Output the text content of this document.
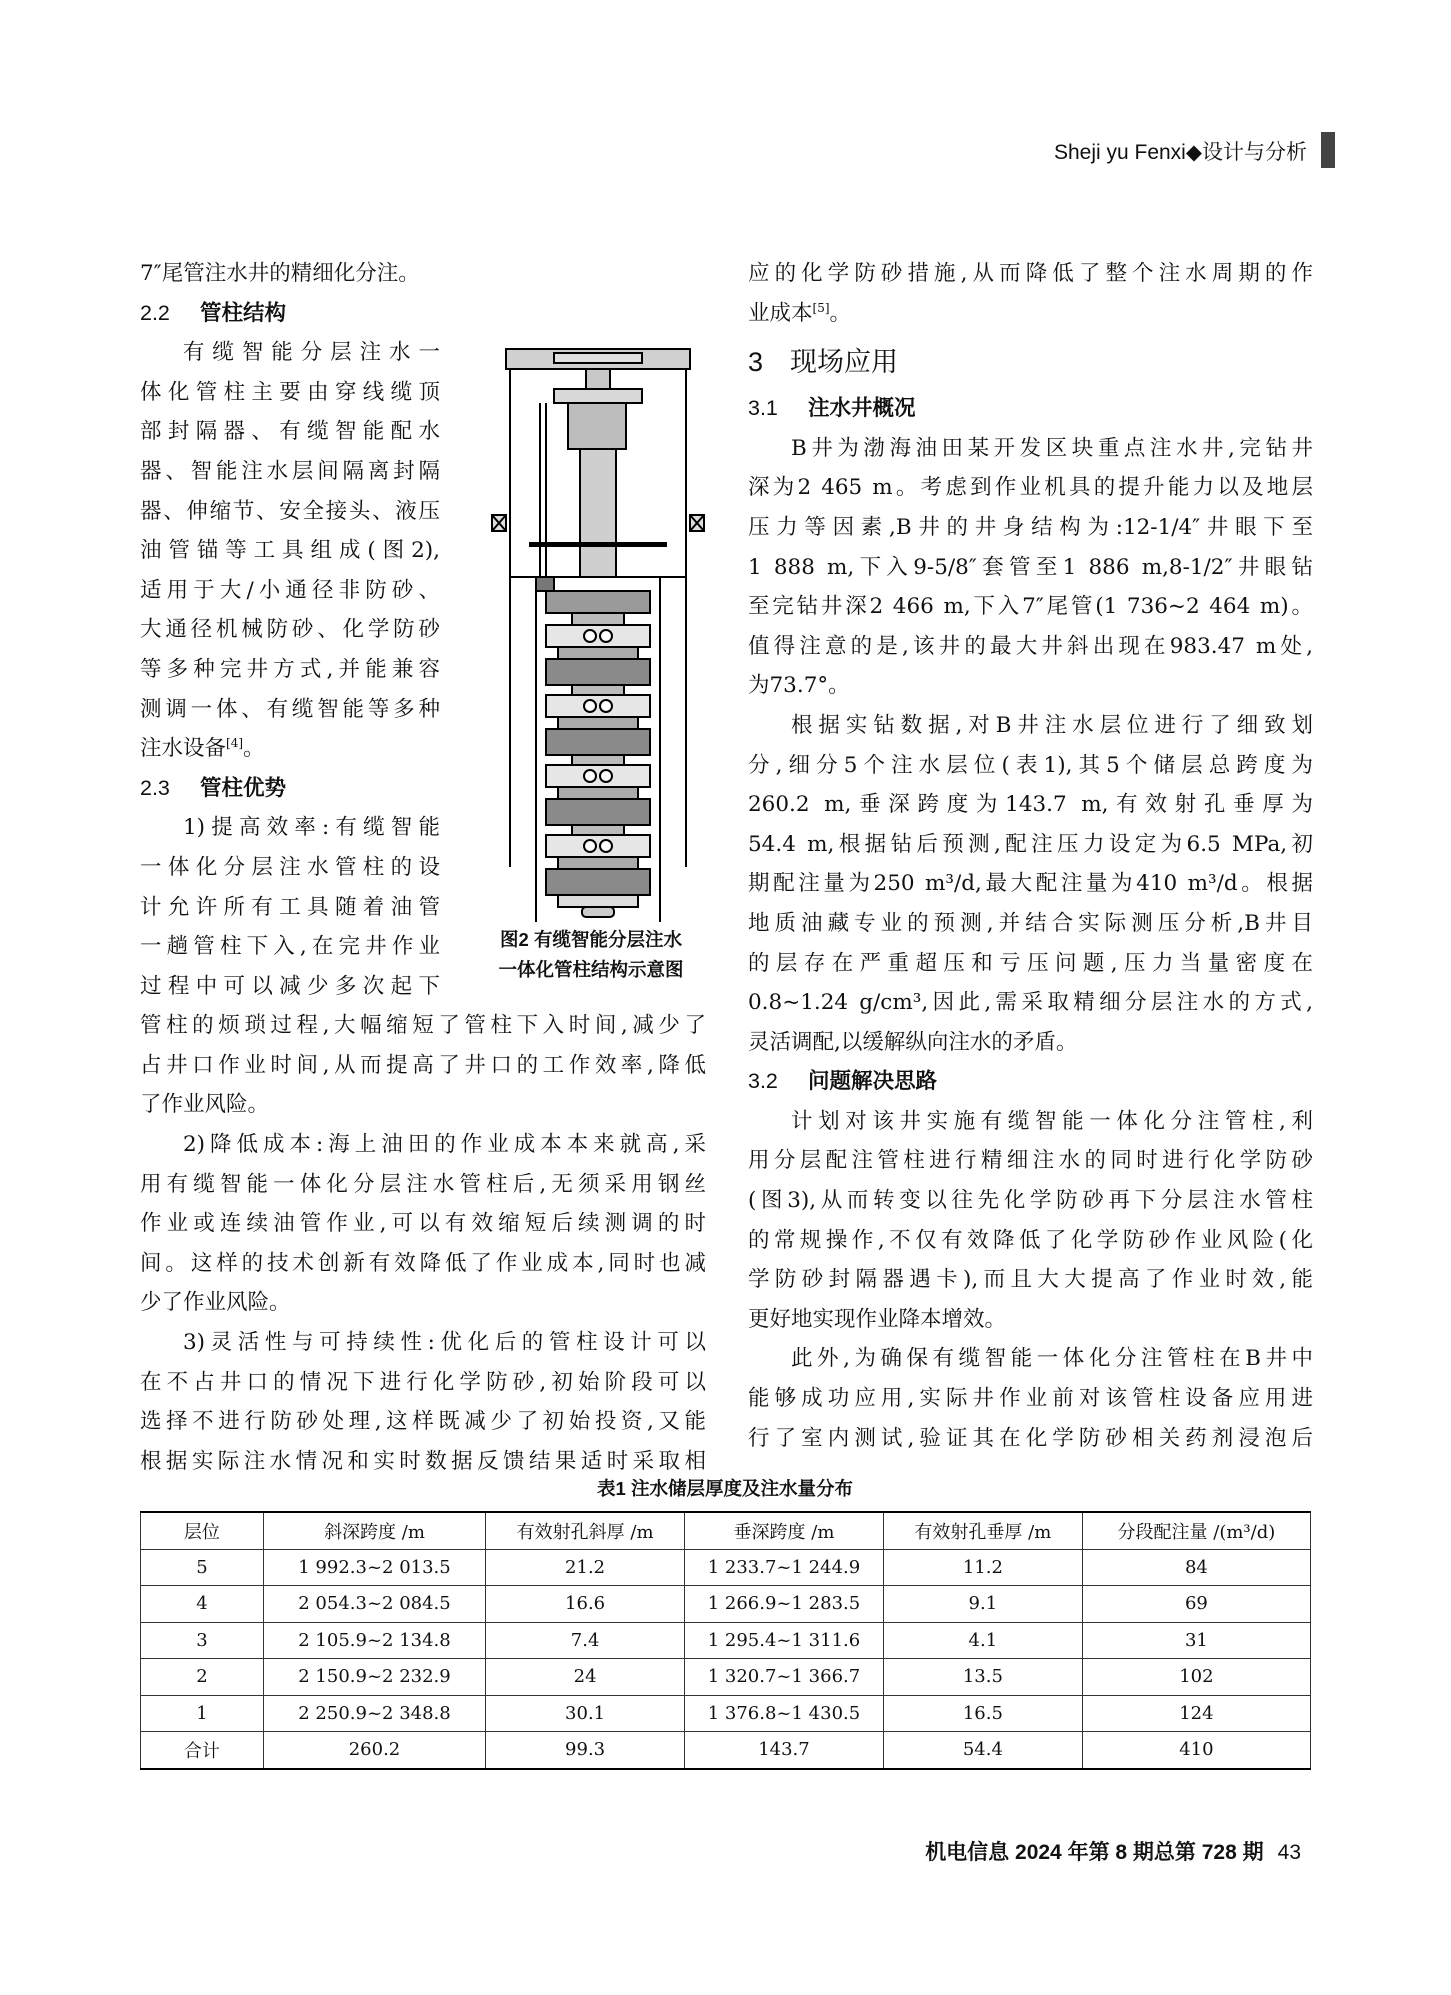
Sheji yu Fenxi◆设计与分析

7″尾管注水井的精细化分注。

2.2 管柱结构

有缆智能分层注水一

体化管柱主要由穿线缆顶

部封隔器、有缆智能配水

器、智能注水层间隔离封隔

器、伸缩节、安全接头、液压

油管锚等工具组成(图2),

适用于大/小通径非防砂、

大通径机械防砂、化学防砂

等多种完井方式,并能兼容

测调一体、有缆智能等多种

注水设备[4]。

2.3 管柱优势

1)提高效率:有缆智能

一体化分层注水管柱的设

计允许所有工具随着油管

一趟管柱下入,在完井作业

过程中可以减少多次起下

管柱的烦琐过程,大幅缩短了管柱下入时间,减少了

占井口作业时间,从而提高了井口的工作效率,降低

了作业风险。

2)降低成本:海上油田的作业成本本来就高,采

用有缆智能一体化分层注水管柱后,无须采用钢丝

作业或连续油管作业,可以有效缩短后续测调的时

间。这样的技术创新有效降低了作业成本,同时也减

少了作业风险。

3)灵活性与可持续性:优化后的管柱设计可以

在不占井口的情况下进行化学防砂,初始阶段可以

选择不进行防砂处理,这样既减少了初始投资,又能

根据实际注水情况和实时数据反馈结果适时采取相

图2 有缆智能分层注水
一体化管柱结构示意图

应的化学防砂措施,从而降低了整个注水周期的作

业成本[5]。

3 现场应用
3.1 注水井概况

B井为渤海油田某开发区块重点注水井,完钻井

深为2 465 m。考虑到作业机具的提升能力以及地层

压力等因素,B井的井身结构为:12-1/4″井眼下至

1 888 m,下入9-5/8″套管至1 886 m,8-1/2″井眼钻

至完钻井深2 466 m,下入7″尾管(1 736~2 464 m)。

值得注意的是,该井的最大井斜出现在983.47 m处,

为73.7°。

根据实钻数据,对B井注水层位进行了细致划

分,细分5个注水层位(表1),其5个储层总跨度为

260.2 m,垂深跨度为143.7 m,有效射孔垂厚为

54.4 m,根据钻后预测,配注压力设定为6.5 MPa,初

期配注量为250 m³/d,最大配注量为410 m³/d。根据

地质油藏专业的预测,并结合实际测压分析,B井目

的层存在严重超压和亏压问题,压力当量密度在

0.8~1.24 g/cm³,因此,需采取精细分层注水的方式,

灵活调配,以缓解纵向注水的矛盾。

3.2 问题解决思路

计划对该井实施有缆智能一体化分注管柱,利

用分层配注管柱进行精细注水的同时进行化学防砂

(图3),从而转变以往先化学防砂再下分层注水管柱

的常规操作,不仅有效降低了化学防砂作业风险(化

学防砂封隔器遇卡),而且大大提高了作业时效,能

更好地实现作业降本增效。

此外,为确保有缆智能一体化分注管柱在B井中

能够成功应用,实际井作业前对该管柱设备应用进

行了室内测试,验证其在化学防砂相关药剂浸泡后

表1 注水储层厚度及注水量分布
层位	斜深跨度 /m	有效射孔斜厚 /m	垂深跨度 /m	有效射孔垂厚 /m	分段配注量 /(m³/d)
5	1 992.3~2 013.5	21.2	1 233.7~1 244.9	11.2	84
4	2 054.3~2 084.5	16.6	1 266.9~1 283.5	9.1	69
3	2 105.9~2 134.8	7.4	1 295.4~1 311.6	4.1	31
2	2 150.9~2 232.9	24	1 320.7~1 366.7	13.5	102
1	2 250.9~2 348.8	30.1	1 376.8~1 430.5	16.5	124
合计	260.2	99.3	143.7	54.4	410
机电信息 2024 年第 8 期总第 728 期 43
